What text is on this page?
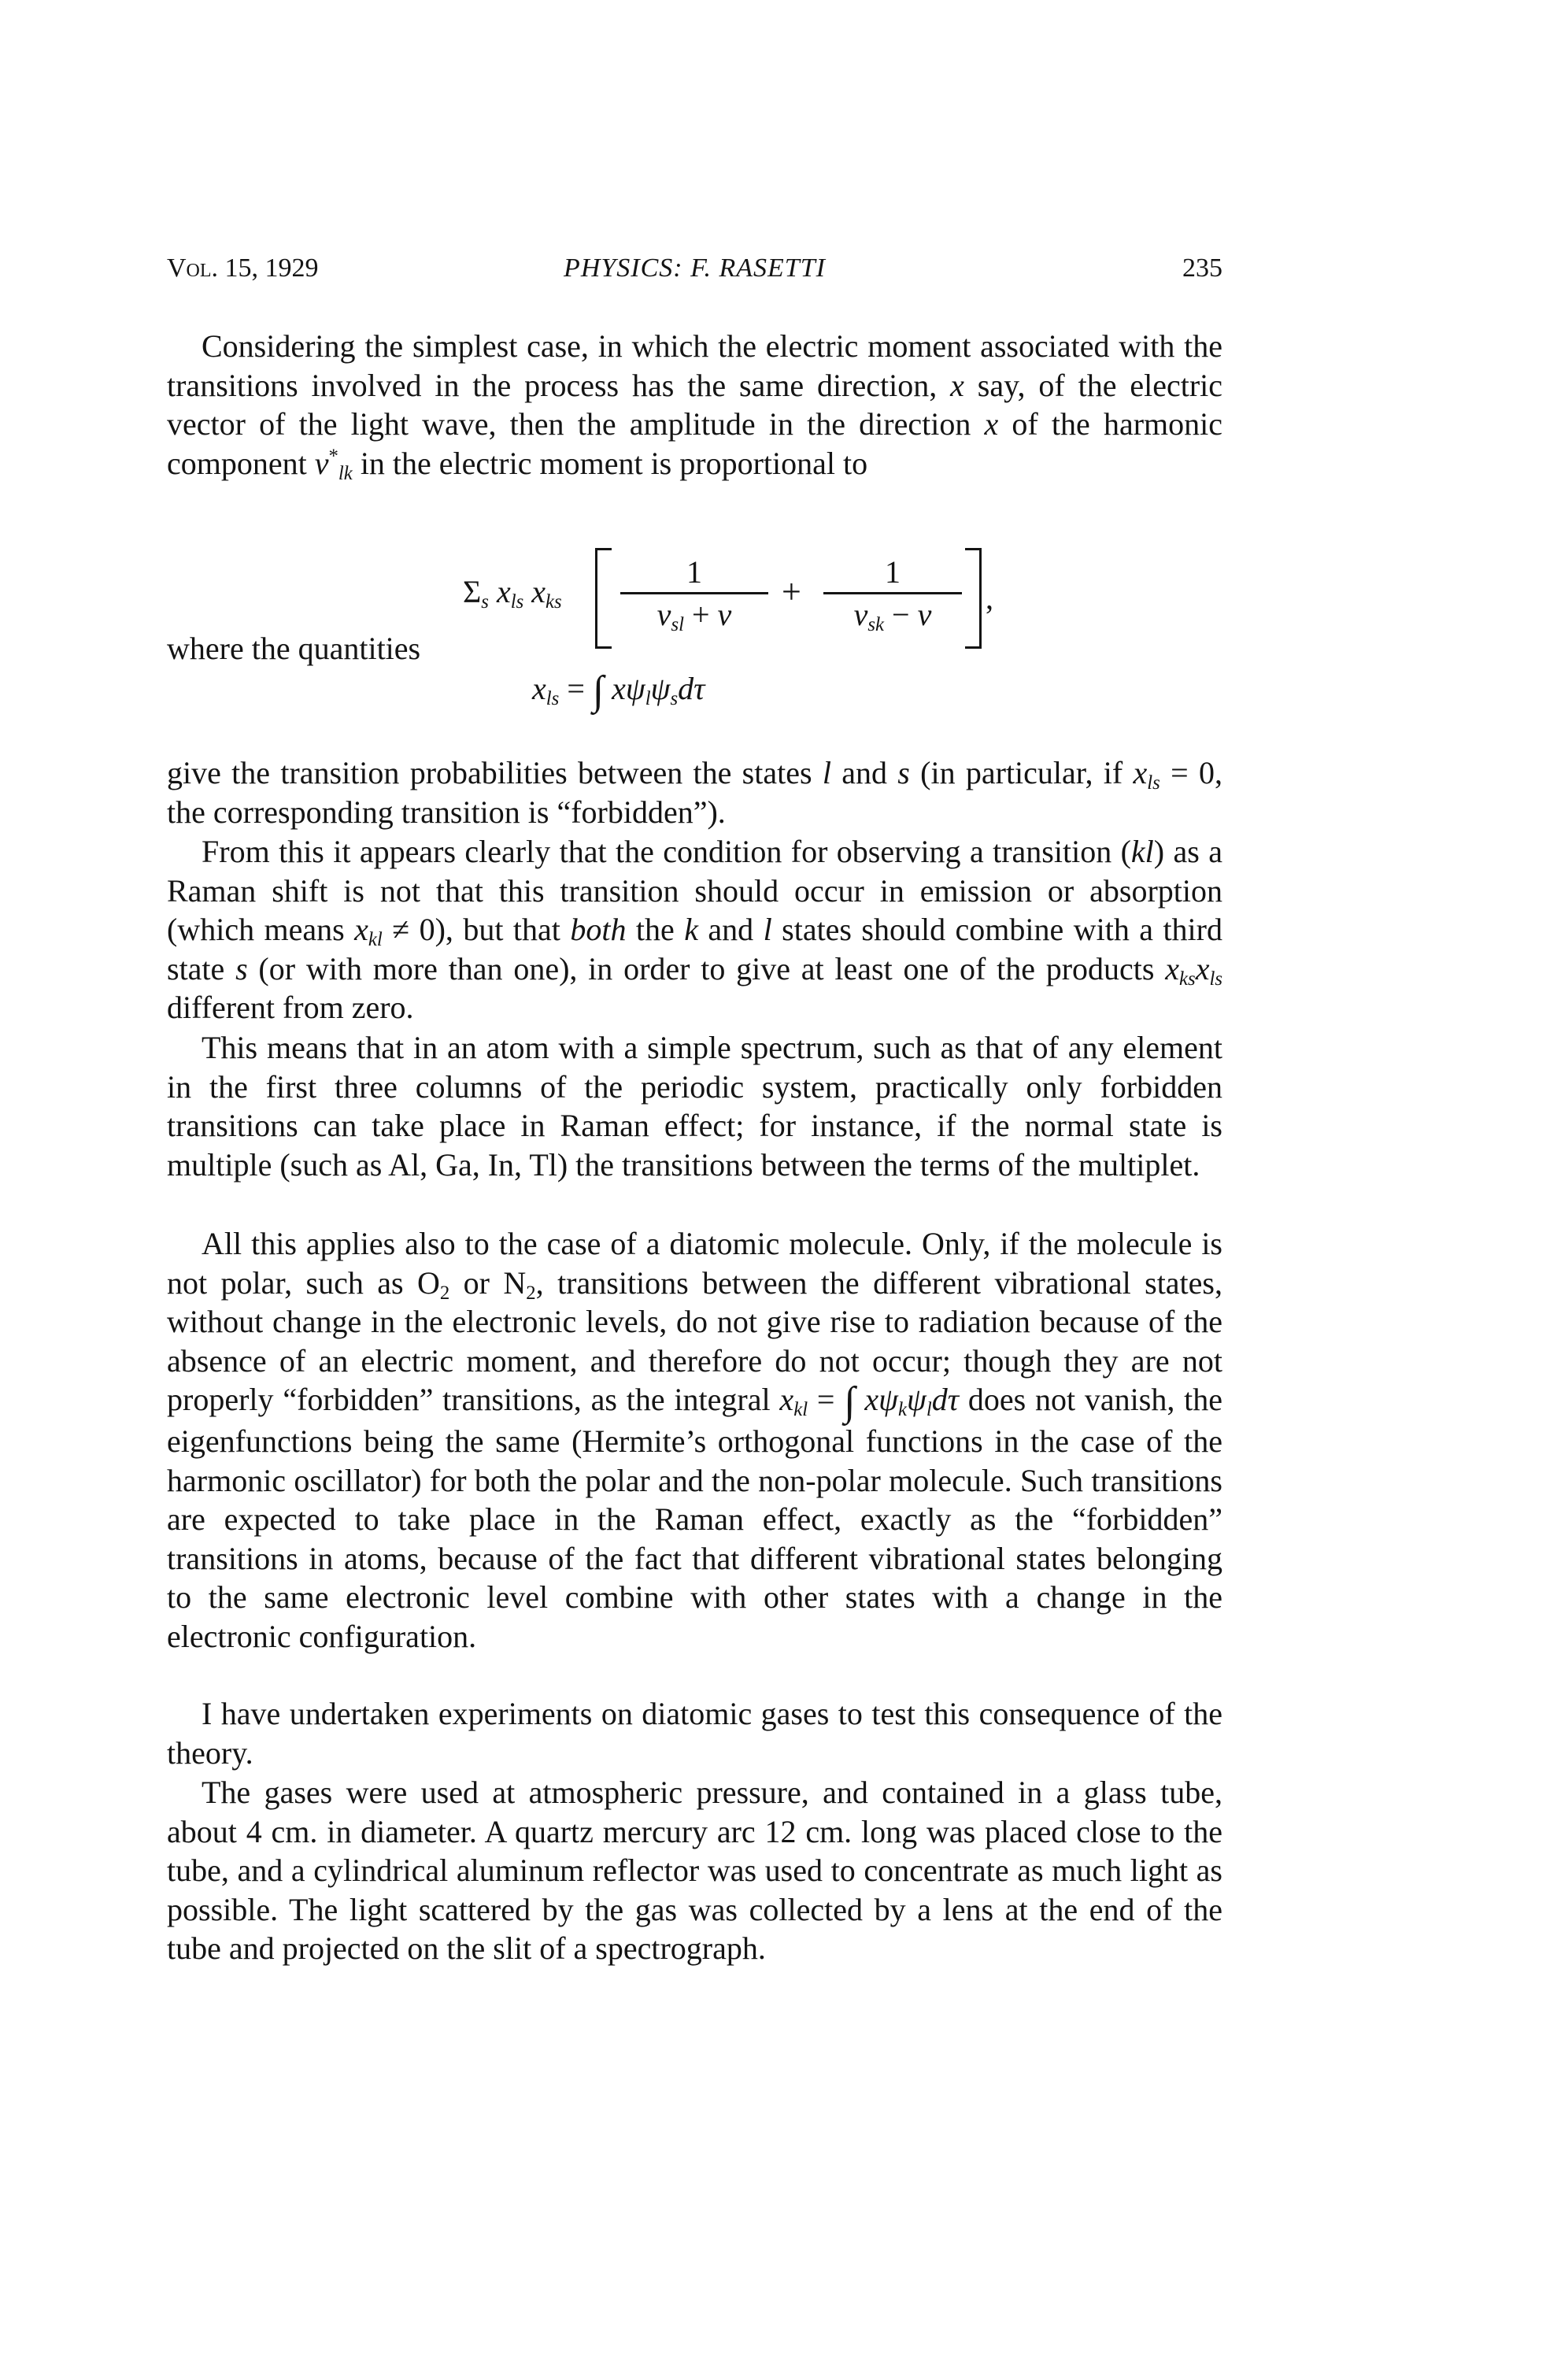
Vol. 15, 1929	PHYSICS: F. RASETTI	235
Considering the simplest case, in which the electric moment associated with the transitions involved in the process has the same direction, x say, of the electric vector of the light wave, then the amplitude in the direction x of the harmonic component $\nu^*_{lk}$ in the electric moment is proportional to
$\Sigma_s$ $x_{ls}$ $x_{ks}$
1
$\nu_{sl} + \nu$
+
1
$\nu_{sk} - \nu$	,
where the quantities
$x_{ls}$ = ∫ $x\psi_l\psi_sd\tau$
give the transition probabilities between the states l and s (in particular, if $x_{ls} = 0$, the corresponding transition is “forbidden”).
From this it appears clearly that the condition for observing a transition (kl) as a Raman shift is not that this transition should occur in emission or absorption (which means $x_{kl} \ne 0$), but that both the k and l states should combine with a third state s (or with more than one), in order to give at least one of the products $x_{ks}x_{ls}$ different from zero.
This means that in an atom with a simple spectrum, such as that of any element in the first three columns of the periodic system, practically only forbidden transitions can take place in Raman effect; for instance, if the normal state is multiple (such as Al, Ga, In, Tl) the transitions between the terms of the multiplet.
All this applies also to the case of a diatomic molecule. Only, if the molecule is not polar, such as $O_2$ or $N_2$, transitions between the different vibrational states, without change in the electronic levels, do not give rise to radiation because of the absence of an electric moment, and therefore do not occur; though they are not properly “forbidden” transitions, as the integral $x_{kl}$ = ∫ $x\psi_k\psi_ld\tau$ does not vanish, the eigenfunctions being the same (Hermite’s orthogonal functions in the case of the harmonic oscillator) for both the polar and the non-polar molecule. Such transitions are expected to take place in the Raman effect, exactly as the “forbidden” transitions in atoms, because of the fact that different vibrational states belonging to the same electronic level combine with other states with a change in the electronic configuration.
I have undertaken experiments on diatomic gases to test this consequence of the theory.
The gases were used at atmospheric pressure, and contained in a glass tube, about 4 cm. in diameter. A quartz mercury arc 12 cm. long was placed close to the tube, and a cylindrical aluminum reflector was used to concentrate as much light as possible. The light scattered by the gas was collected by a lens at the end of the tube and projected on the slit of a spectrograph.
